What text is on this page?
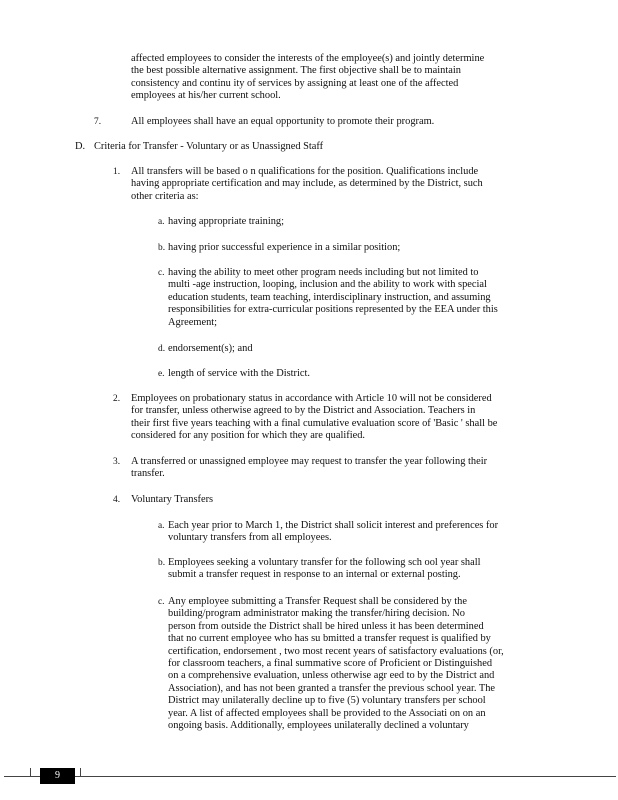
affected employees to consider the interests of the employee(s) and jointly determine
the best possible alternative assignment. The first objective shall be to maintain
consistency and continu ity of services by assigning at least one of the affected
employees at his/her current school.
7.	All employees shall have an equal opportunity to promote their program.
D. Criteria for Transfer - Voluntary or as Unassigned Staff
1. All transfers will be based o n qualifications for the position. Qualifications include
having appropriate certification and may include, as determined by the District, such
other criteria as:
a. having appropriate training;
b. having prior successful experience in a similar position;
c. having the ability to meet other program needs including but not limited to
multi -age instruction, looping, inclusion and the ability to work with special
education students, team teaching, interdisciplinary instruction, and assuming
responsibilities for extra-curricular positions represented by the EEA under this
Agreement;
d. endorsement(s); and
e. length of service with the District.
2. Employees on probationary status in accordance with Article 10 will not be considered
for transfer, unless otherwise agreed to by the District and Association. Teachers in
their first five years teaching with a final cumulative evaluation score of 'Basic ' shall be
considered for any position for which they are qualified.
3. A transferred or unassigned employee may request to transfer the year following their
transfer.
4. Voluntary Transfers
a. Each year prior to March 1, the District shall solicit interest and preferences for
voluntary transfers from all employees.
b. Employees seeking a voluntary transfer for the following sch ool year shall
submit a transfer request in response to an internal or external posting.
c. Any employee submitting a Transfer Request shall be considered by the
building/program administrator making the transfer/hiring decision. No
person from outside the District shall be hired unless it has been determined
that no current employee who has su bmitted a transfer request is qualified by
certification, endorsement , two most recent years of satisfactory evaluations (or,
for classroom teachers, a final summative score of Proficient or Distinguished
on a comprehensive evaluation, unless otherwise agr eed to by the District and
Association), and has not been granted a transfer the previous school year. The
District may unilaterally decline up to five (5) voluntary transfers per school
year. A list of affected employees shall be provided to the Associati on on an
ongoing basis. Additionally, employees unilaterally declined a voluntary
9
